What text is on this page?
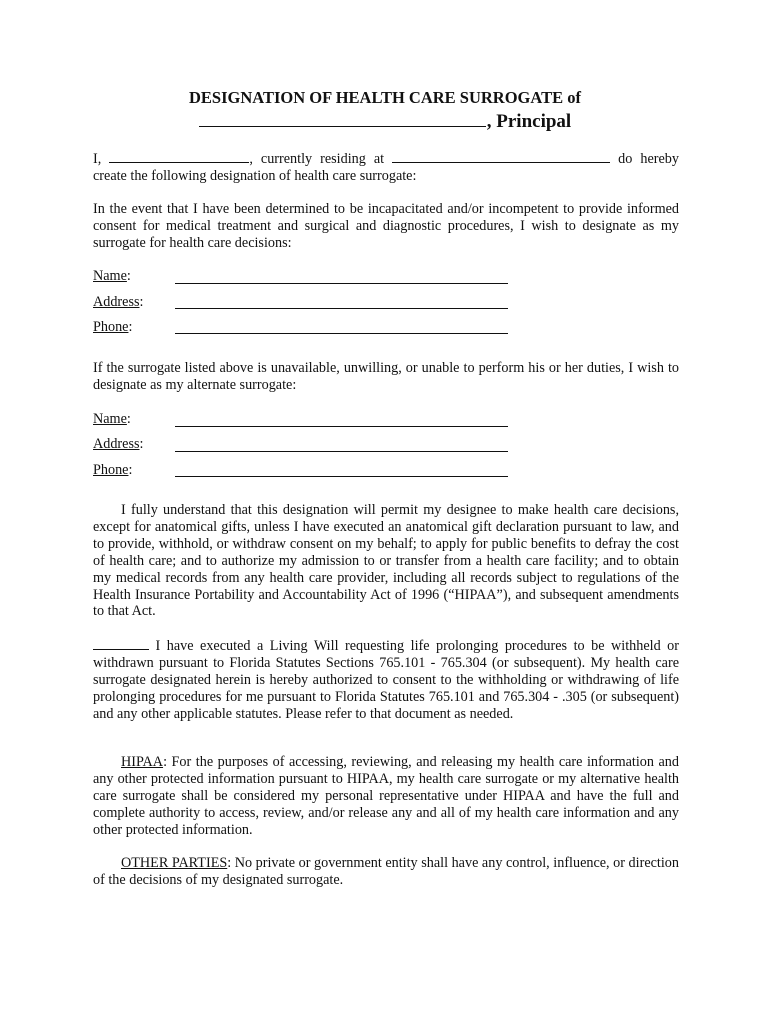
DESIGNATION OF HEALTH CARE SURROGATE of
, Principal

I,	, currently residing at	do hereby create the following designation of health care surrogate:

In the event that I have been determined to be incapacitated and/or incompetent to provide informed consent for medical treatment and surgical and diagnostic procedures, I wish to designate as my surrogate for health care decisions:

Name:
Address:
Phone:

If the surrogate listed above is unavailable, unwilling, or unable to perform his or her duties, I wish to designate as my alternate surrogate:

Name:
Address:
Phone:

I fully understand that this designation will permit my designee to make health care decisions, except for anatomical gifts, unless I have executed an anatomical gift declaration pursuant to law, and to provide, withhold, or withdraw consent on my behalf; to apply for public benefits to defray the cost of health care; and to authorize my admission to or transfer from a health care facility; and to obtain my medical records from any health care provider, including all records subject to regulations of the Health Insurance Portability and Accountability Act of 1996 (“HIPAA”), and subsequent amendments to that Act.

I have executed a Living Will requesting life prolonging procedures to be withheld or withdrawn pursuant to Florida Statutes Sections 765.101 - 765.304 (or subsequent). My health care surrogate designated herein is hereby authorized to consent to the withholding or withdrawing of life prolonging procedures for me pursuant to Florida Statutes 765.101 and 765.304 - .305 (or subsequent) and any other applicable statutes. Please refer to that document as needed.

HIPAA: For the purposes of accessing, reviewing, and releasing my health care information and any other protected information pursuant to HIPAA, my health care surrogate or my alternative health care surrogate shall be considered my personal representative under HIPAA and have the full and complete authority to access, review, and/or release any and all of my health care information and any other protected information.

OTHER PARTIES: No private or government entity shall have any control, influence, or direction of the decisions of my designated surrogate.
